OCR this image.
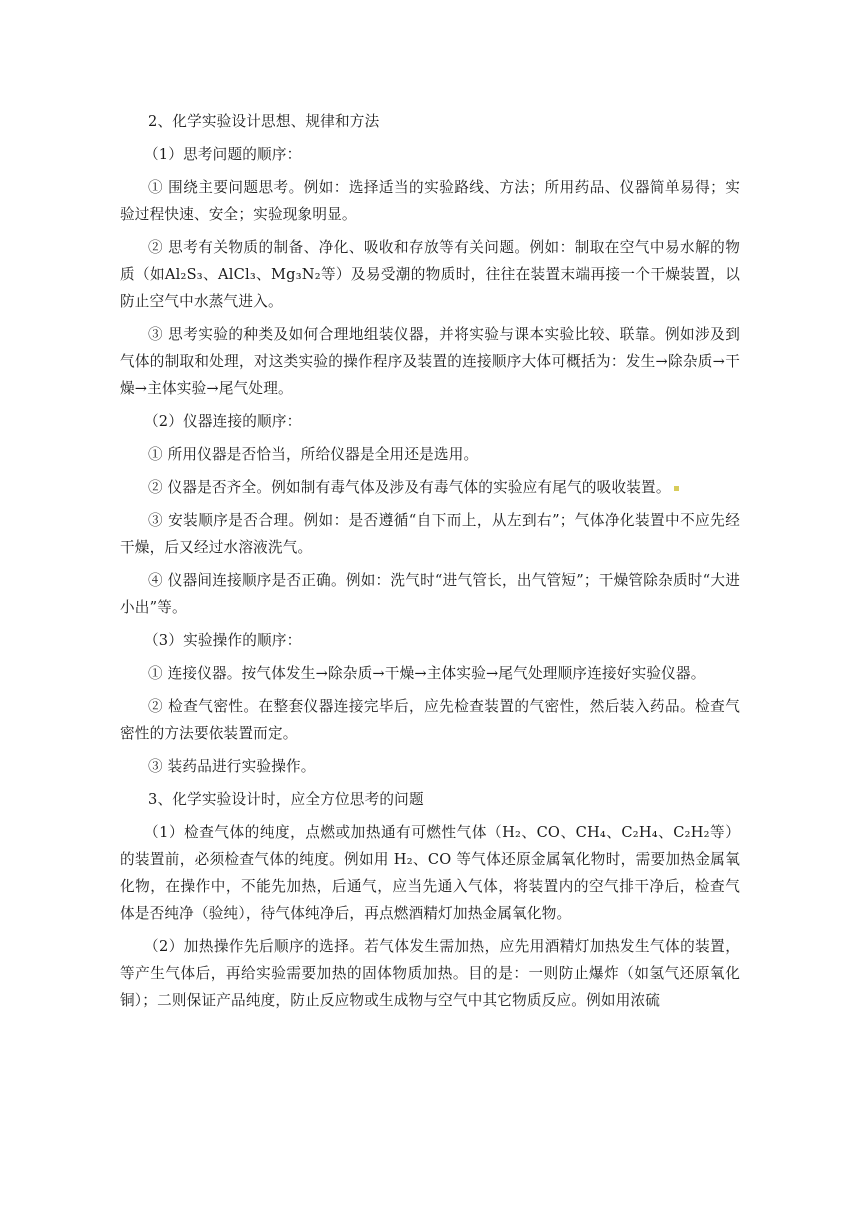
2、化学实验设计思想、规律和方法

（1）思考问题的顺序：

① 围绕主要问题思考。例如：选择适当的实验路线、方法；所用药品、仪器简单易得；实验过程快速、安全；实验现象明显。

② 思考有关物质的制备、净化、吸收和存放等有关问题。例如：制取在空气中易水解的物质（如Al₂S₃、AlCl₃、Mg₃N₂等）及易受潮的物质时，往往在装置末端再接一个干燥装置，以防止空气中水蒸气进入。

③ 思考实验的种类及如何合理地组装仪器，并将实验与课本实验比较、联靠。例如涉及到气体的制取和处理，对这类实验的操作程序及装置的连接顺序大体可概括为：发生→除杂质→干燥→主体实验→尾气处理。

（2）仪器连接的顺序：

① 所用仪器是否恰当，所给仪器是全用还是选用。

② 仪器是否齐全。例如制有毒气体及涉及有毒气体的实验应有尾气的吸收装置。

③ 安装顺序是否合理。例如：是否遵循“自下而上，从左到右”；气体净化装置中不应先经干燥，后又经过水溶液洗气。

④ 仪器间连接顺序是否正确。例如：洗气时“进气管长，出气管短”；干燥管除杂质时“大进小出”等。

（3）实验操作的顺序：

① 连接仪器。按气体发生→除杂质→干燥→主体实验→尾气处理顺序连接好实验仪器。

② 检查气密性。在整套仪器连接完毕后，应先检查装置的气密性，然后装入药品。检查气密性的方法要依装置而定。

③ 装药品进行实验操作。

3、化学实验设计时，应全方位思考的问题

（1）检查气体的纯度，点燃或加热通有可燃性气体（H₂、CO、CH₄、C₂H₄、C₂H₂等）的装置前，必须检查气体的纯度。例如用 H₂、CO 等气体还原金属氧化物时，需要加热金属氧化物，在操作中，不能先加热，后通气，应当先通入气体，将装置内的空气排干净后，检查气体是否纯净（验纯），待气体纯净后，再点燃酒精灯加热金属氧化物。

（2）加热操作先后顺序的选择。若气体发生需加热，应先用酒精灯加热发生气体的装置，等产生气体后，再给实验需要加热的固体物质加热。目的是：一则防止爆炸（如氢气还原氧化铜）；二则保证产品纯度，防止反应物或生成物与空气中其它物质反应。例如用浓硫
